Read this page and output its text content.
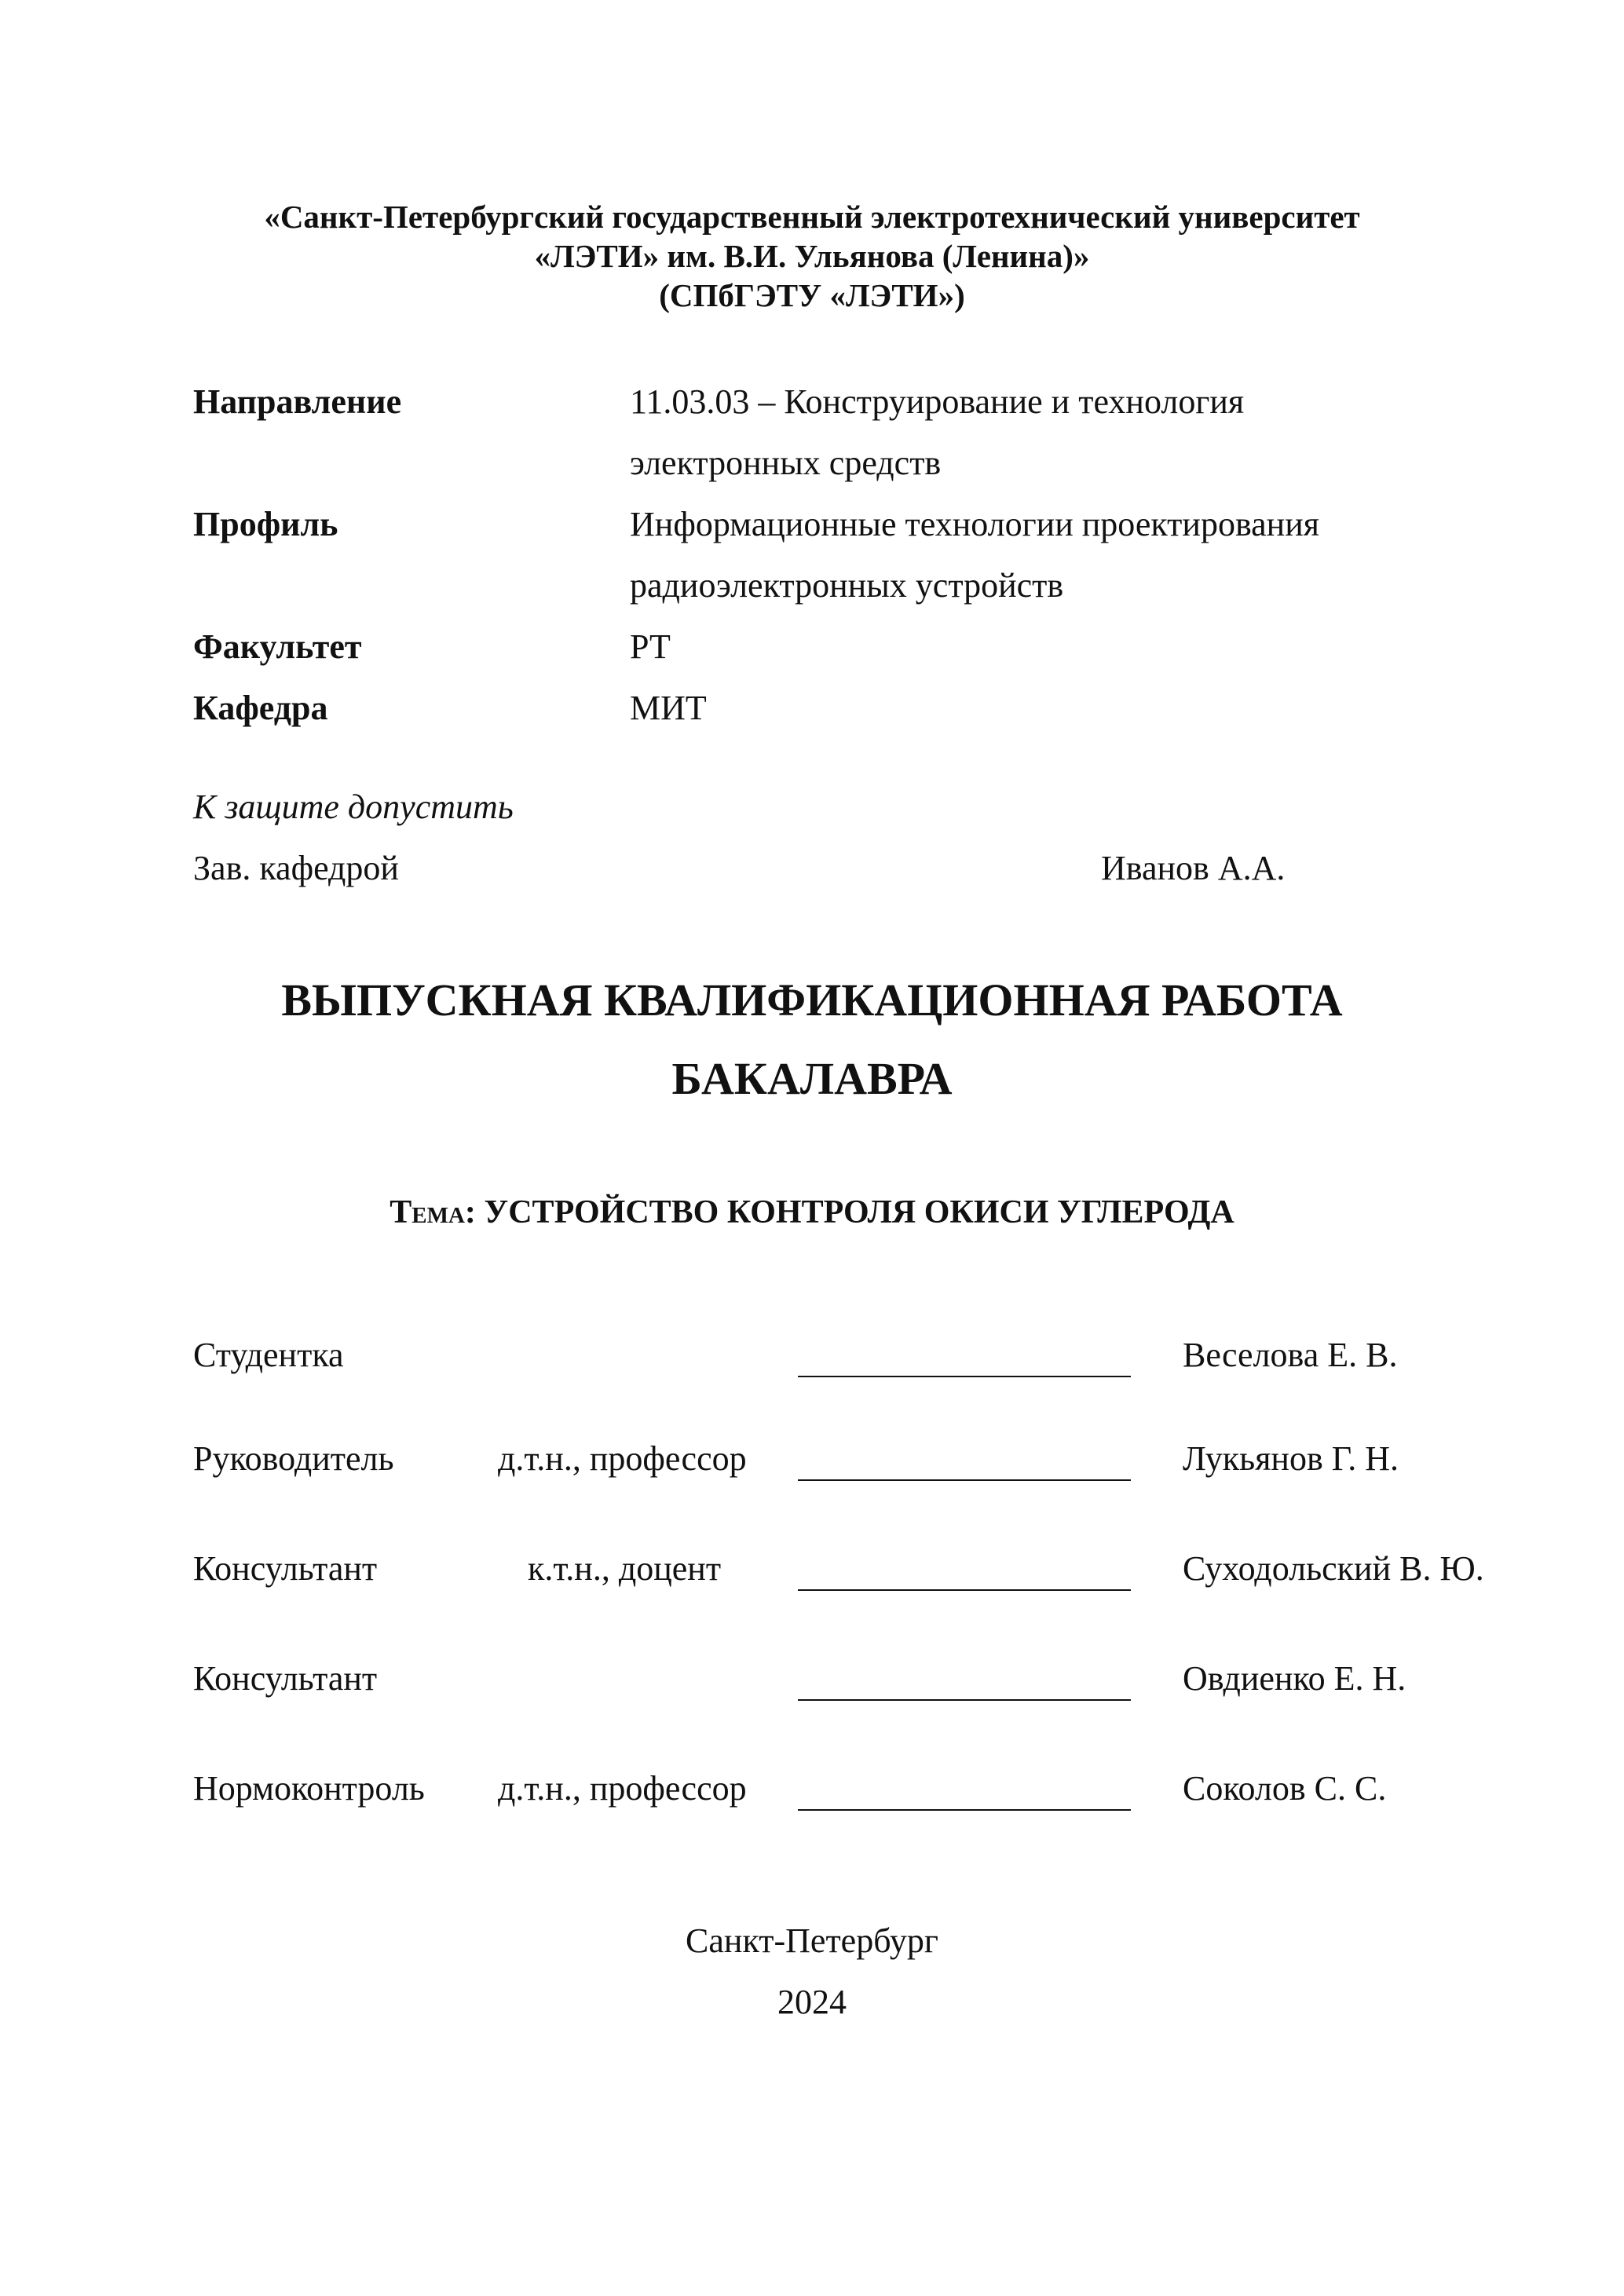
«Санкт-Петербургский государственный электротехнический университет
«ЛЭТИ» им. В.И. Ульянова (Ленина)»
(СПбГЭТУ «ЛЭТИ»)
Направление	11.03.03 – Конструирование и технология
электронных средств
Профиль	Информационные технологии проектирования
радиоэлектронных устройств
Факультет	РТ
Кафедра	МИТ
К защите допустить
Зав. кафедрой	Иванов А.А.
ВЫПУСКНАЯ КВАЛИФИКАЦИОННАЯ РАБОТА
БАКАЛАВРА
Тема: УСТРОЙСТВО КОНТРОЛЯ ОКИСИ УГЛЕРОДА
Студентка	Веселова Е. В.
Руководитель	д.т.н., профессор	Лукьянов Г. Н.
Консультант	к.т.н., доцент	Суходольский В. Ю.
Консультант	Овдиенко Е. Н.
Нормоконтроль д.т.н., профессор	Соколов С. С.
Санкт-Петербург
2024
